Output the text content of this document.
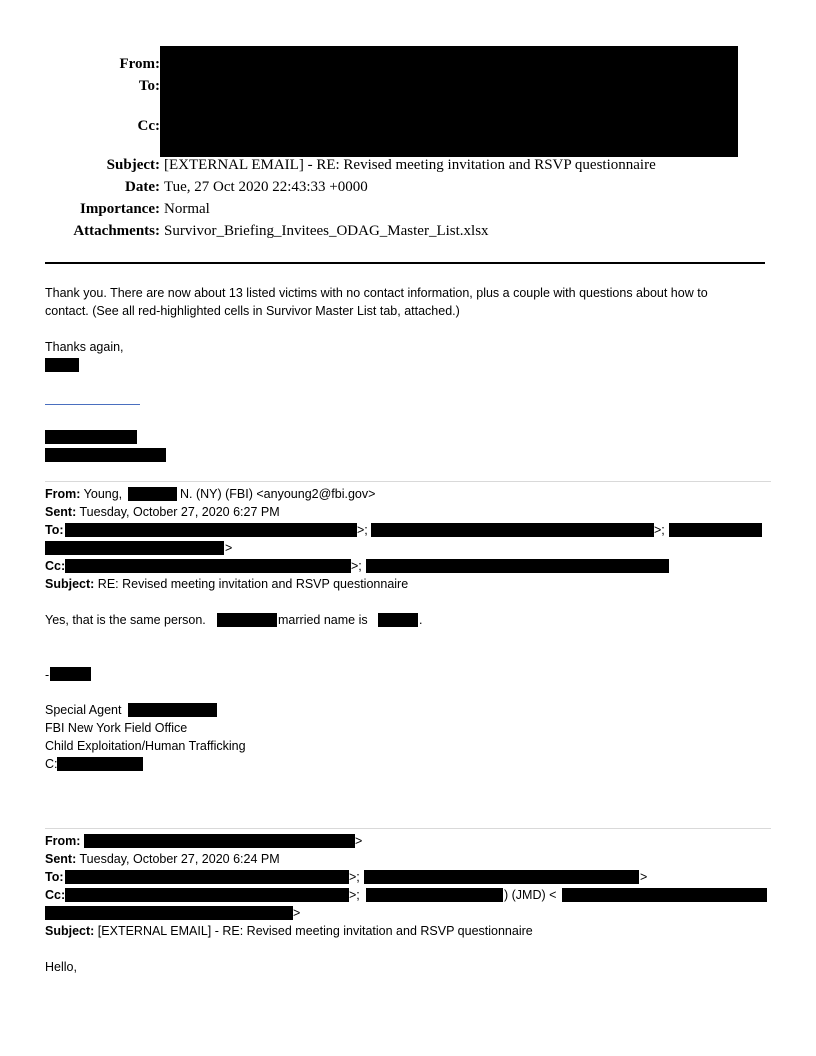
From:
To:
Cc:
Subject: [EXTERNAL EMAIL] - RE: Revised meeting invitation and RSVP questionnaire
Date: Tue, 27 Oct 2020 22:43:33 +0000
Importance: Normal
Attachments: Survivor_Briefing_Invitees_ODAG_Master_List.xlsx
Thank you. There are now about 13 listed victims with no contact information, plus a couple with questions about how to
contact. (See all red-highlighted cells in Survivor Master List tab, attached.)
Thanks again,
From: Young,	N. (NY) (FBI) <anyoung2@fbi.gov>
Sent: Tuesday, October 27, 2020 6:27 PM
To:	>;	>;
>
Cc:	>;
Subject: RE: Revised meeting invitation and RSVP questionnaire
Yes, that is the same person.	married name is	.
-
Special Agent
FBI New York Field Office
Child Exploitation/Human Trafficking
C:
From:	>
Sent: Tuesday, October 27, 2020 6:24 PM
To:	>;	>
Cc:	>;	) (JMD) <
>
Subject: [EXTERNAL EMAIL] - RE: Revised meeting invitation and RSVP questionnaire
Hello,
